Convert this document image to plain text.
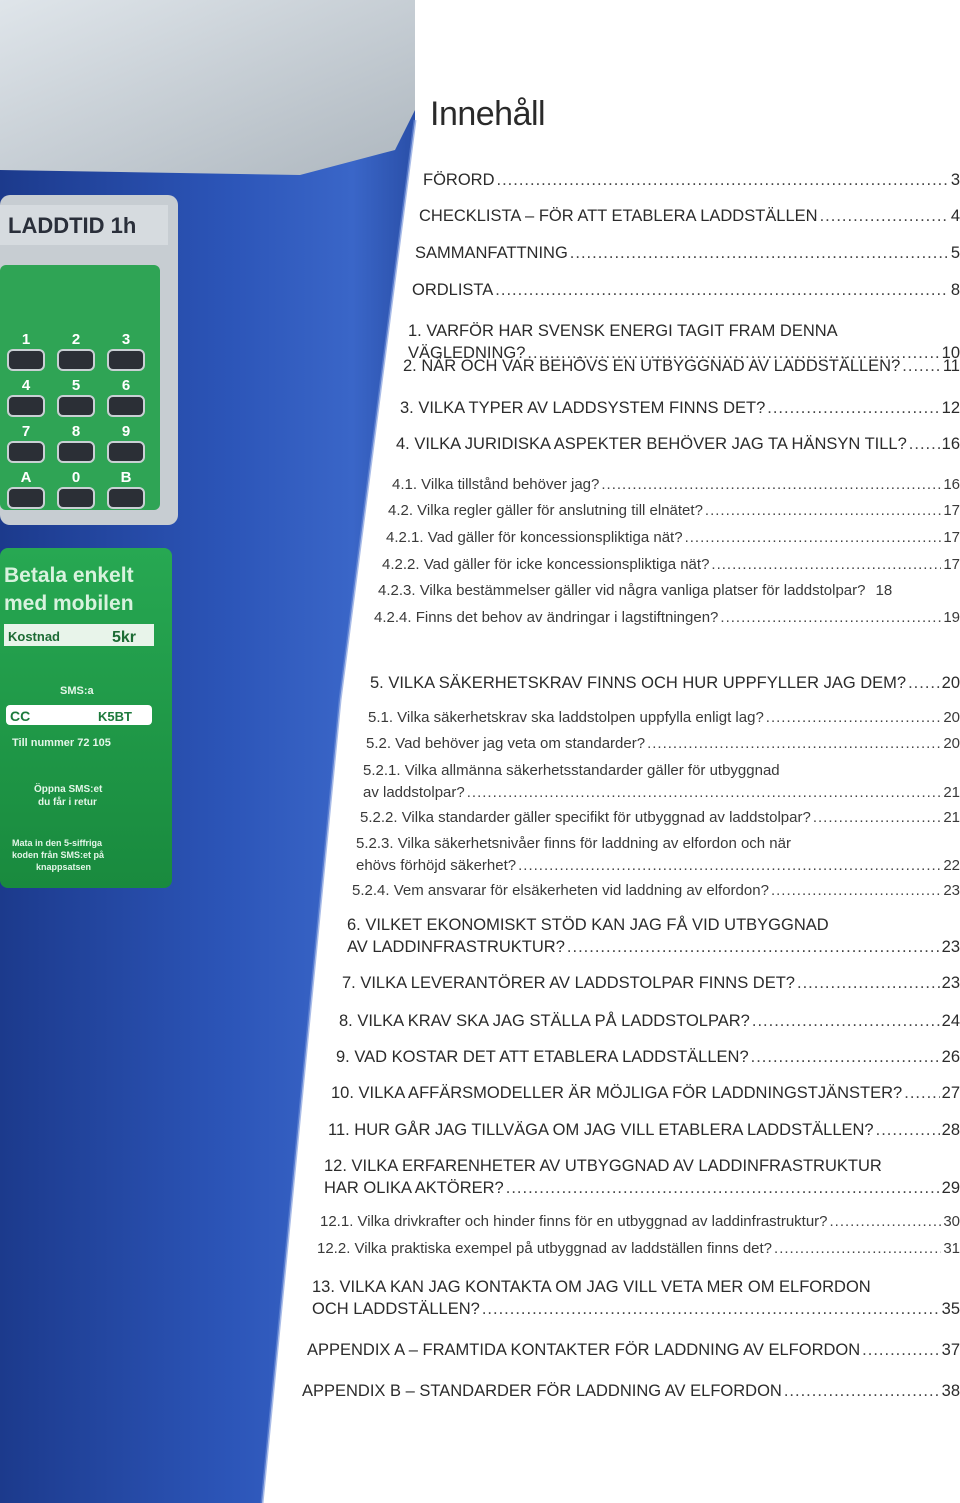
LADDTID 1h
1	2	3
4	5	6
7	8	9
A	0	B
Betala enkelt
med mobilen
Kostnad	5kr
SMS:a
CC	K5BT
Till nummer 72 105
Öppna SMS:et
du får i retur
Mata in den 5-siffriga
koden från SMS:et på
knappsatsen
Innehåll
FÖRORD .....	3
CHECKLISTA – FÖR ATT ETABLERA LADDSTÄLLEN .....	4
SAMMANFATTNING .....	5
ORDLISTA .....	8
1. VARFÖR HAR SVENSK ENERGI TAGIT FRAM DENNA
VÄGLEDNING? .....	10
2. NÄR OCH VAR BEHÖVS EN UTBYGGNAD AV LADDSTÄLLEN? .....	11
3. VILKA TYPER AV LADDSYSTEM FINNS DET? .....	12
4. VILKA JURIDISKA ASPEKTER BEHÖVER JAG TA HÄNSYN TILL? ..... 16
4.1. Vilka tillstånd behöver jag? .....	16
4.2. Vilka regler gäller för anslutning till elnätet? .....	17
4.2.1. Vad gäller för koncessionspliktiga nät? .....	17
4.2.2. Vad gäller för icke koncessionspliktiga nät? .....	17
4.2.3. Vilka bestämmelser gäller vid några vanliga platser för laddstolpar? 18
4.2.4. Finns det behov av ändringar i lagstiftningen? .....	19
5. VILKA SÄKERHETSKRAV FINNS OCH HUR UPPFYLLER JAG DEM? ..... 20
5.1. Vilka säkerhetskrav ska laddstolpen uppfylla enligt lag? .....	20
5.2. Vad behöver jag veta om standarder? .....	20
5.2.1. Vilka allmänna säkerhetsstandarder gäller för utbyggnad
av laddstolpar? .....	21
5.2.2. Vilka standarder gäller specifikt för utbyggnad av laddstolpar? .....	21
5.2.3. Vilka säkerhetsnivåer finns för laddning av elfordon och när
ehövs förhöjd säkerhet? .....	22
5.2.4. Vem ansvarar för elsäkerheten vid laddning av elfordon? .....	23
6. VILKET EKONOMISKT STÖD KAN JAG FÅ VID UTBYGGNAD
AV LADDINFRASTRUKTUR? .....	23
7. VILKA LEVERANTÖRER AV LADDSTOLPAR FINNS DET? .....	23
8. VILKA KRAV SKA JAG STÄLLA PÅ LADDSTOLPAR? .....	24
9. VAD KOSTAR DET ATT ETABLERA LADDSTÄLLEN? .....	26
10. VILKA AFFÄRSMODELLER ÄR MÖJLIGA FÖR LADDNINGSTJÄNSTER? ..... 27
11. HUR GÅR JAG TILLVÄGA OM JAG VILL ETABLERA LADDSTÄLLEN? .....	28
12. VILKA ERFARENHETER AV UTBYGGNAD AV LADDINFRASTRUKTUR
HAR OLIKA AKTÖRER? .....	29
12.1. Vilka drivkrafter och hinder finns för en utbyggnad av laddinfrastruktur? .....	30
12.2. Vilka praktiska exempel på utbyggnad av laddställen finns det? .....	31
13. VILKA KAN JAG KONTAKTA OM JAG VILL VETA MER OM ELFORDON
OCH LADDSTÄLLEN? .....	35
APPENDIX A – FRAMTIDA KONTAKTER FÖR LADDNING AV ELFORDON .....	37
APPENDIX B – STANDARDER FÖR LADDNING AV ELFORDON .....	38
